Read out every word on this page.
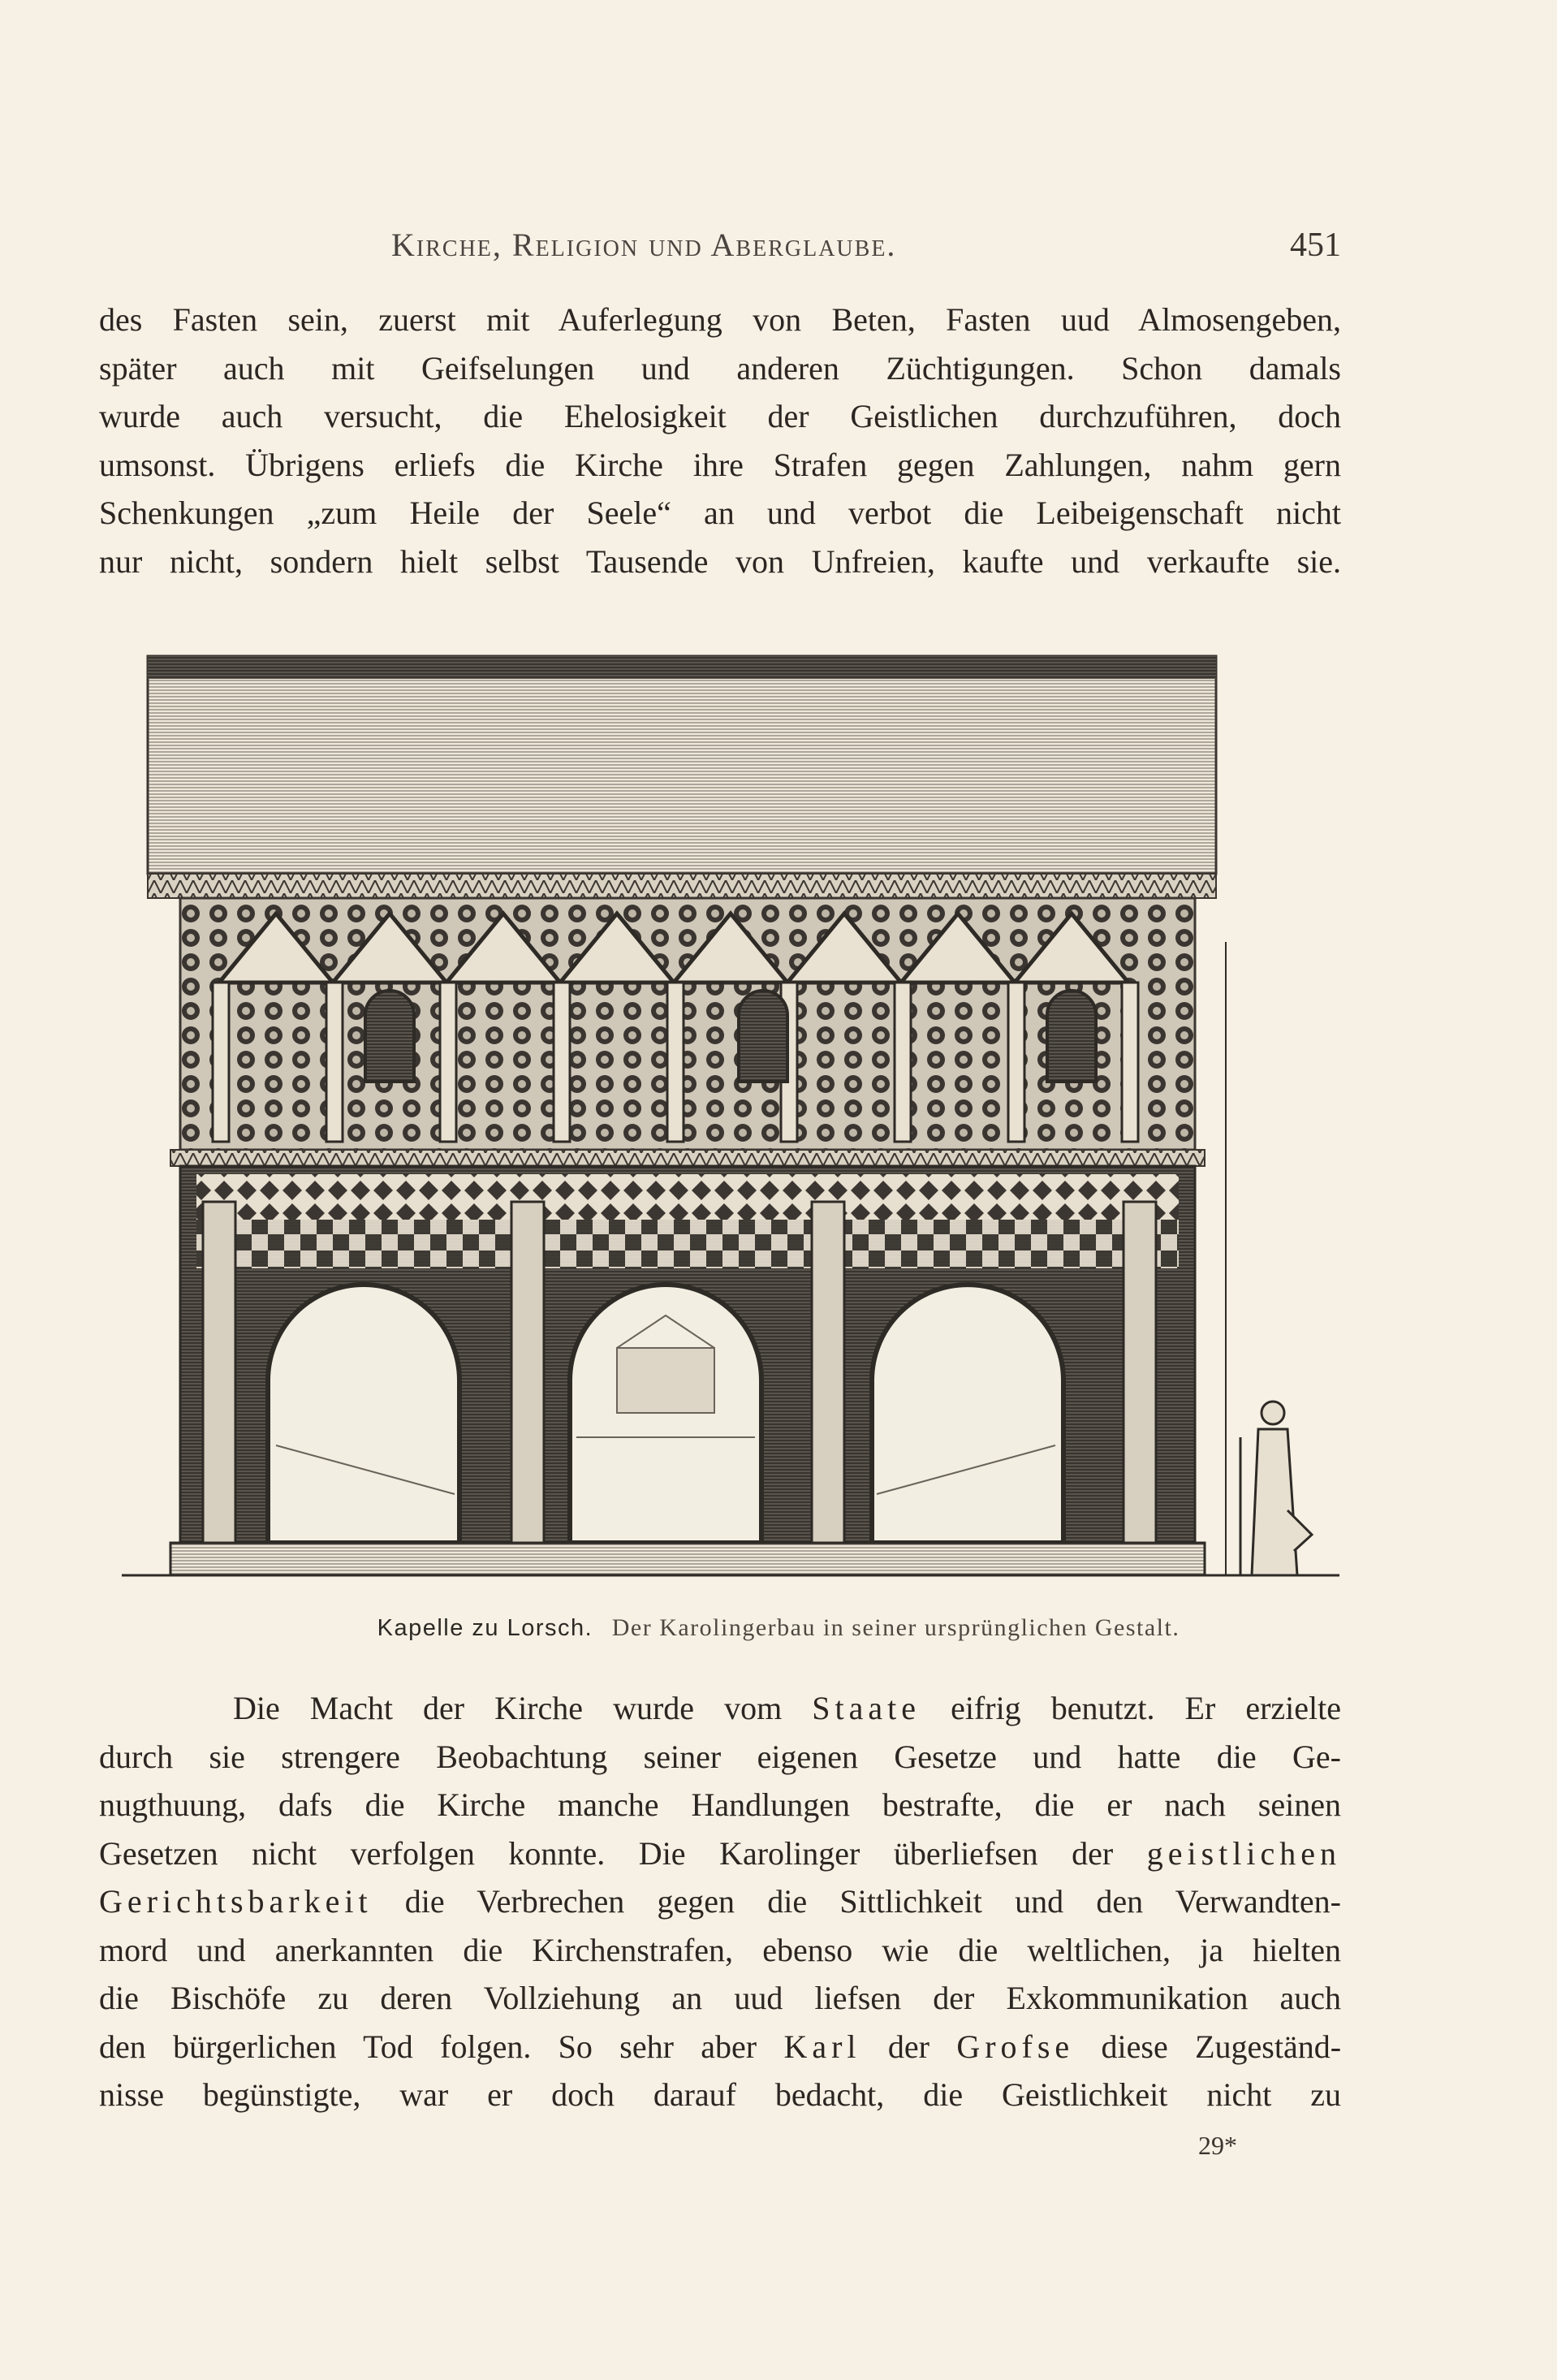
Kirche, Religion und Aberglaube.	451

des Fasten sein, zuerst mit Auferlegung von Beten, Fasten uud Almosengeben,
später auch mit Geifselungen und anderen Züchtigungen. Schon damals
wurde auch versucht, die Ehelosigkeit der Geistlichen durchzuführen, doch
umsonst. Übrigens erliefs die Kirche ihre Strafen gegen Zahlungen, nahm gern
Schenkungen „zum Heile der Seele“ an und verbot die Leibeigenschaft nicht
nur nicht, sondern hielt selbst Tausende von Unfreien, kaufte und verkaufte sie.

Kapelle zu Lorsch. Der Karolingerbau in seiner ursprünglichen Gestalt.

Die Macht der Kirche wurde vom Staate eifrig benutzt. Er erzielte
durch sie strengere Beobachtung seiner eigenen Gesetze und hatte die Ge-
nugthuung, dafs die Kirche manche Handlungen bestrafte, die er nach seinen
Gesetzen nicht verfolgen konnte. Die Karolinger überliefsen der geistlichen
Gerichtsbarkeit die Verbrechen gegen die Sittlichkeit und den Verwandten-
mord und anerkannten die Kirchenstrafen, ebenso wie die weltlichen, ja hielten
die Bischöfe zu deren Vollziehung an uud liefsen der Exkommunikation auch
den bürgerlichen Tod folgen. So sehr aber Karl der Grofse diese Zugeständ-
nisse begünstigte, war er doch darauf bedacht, die Geistlichkeit nicht zu

29*
